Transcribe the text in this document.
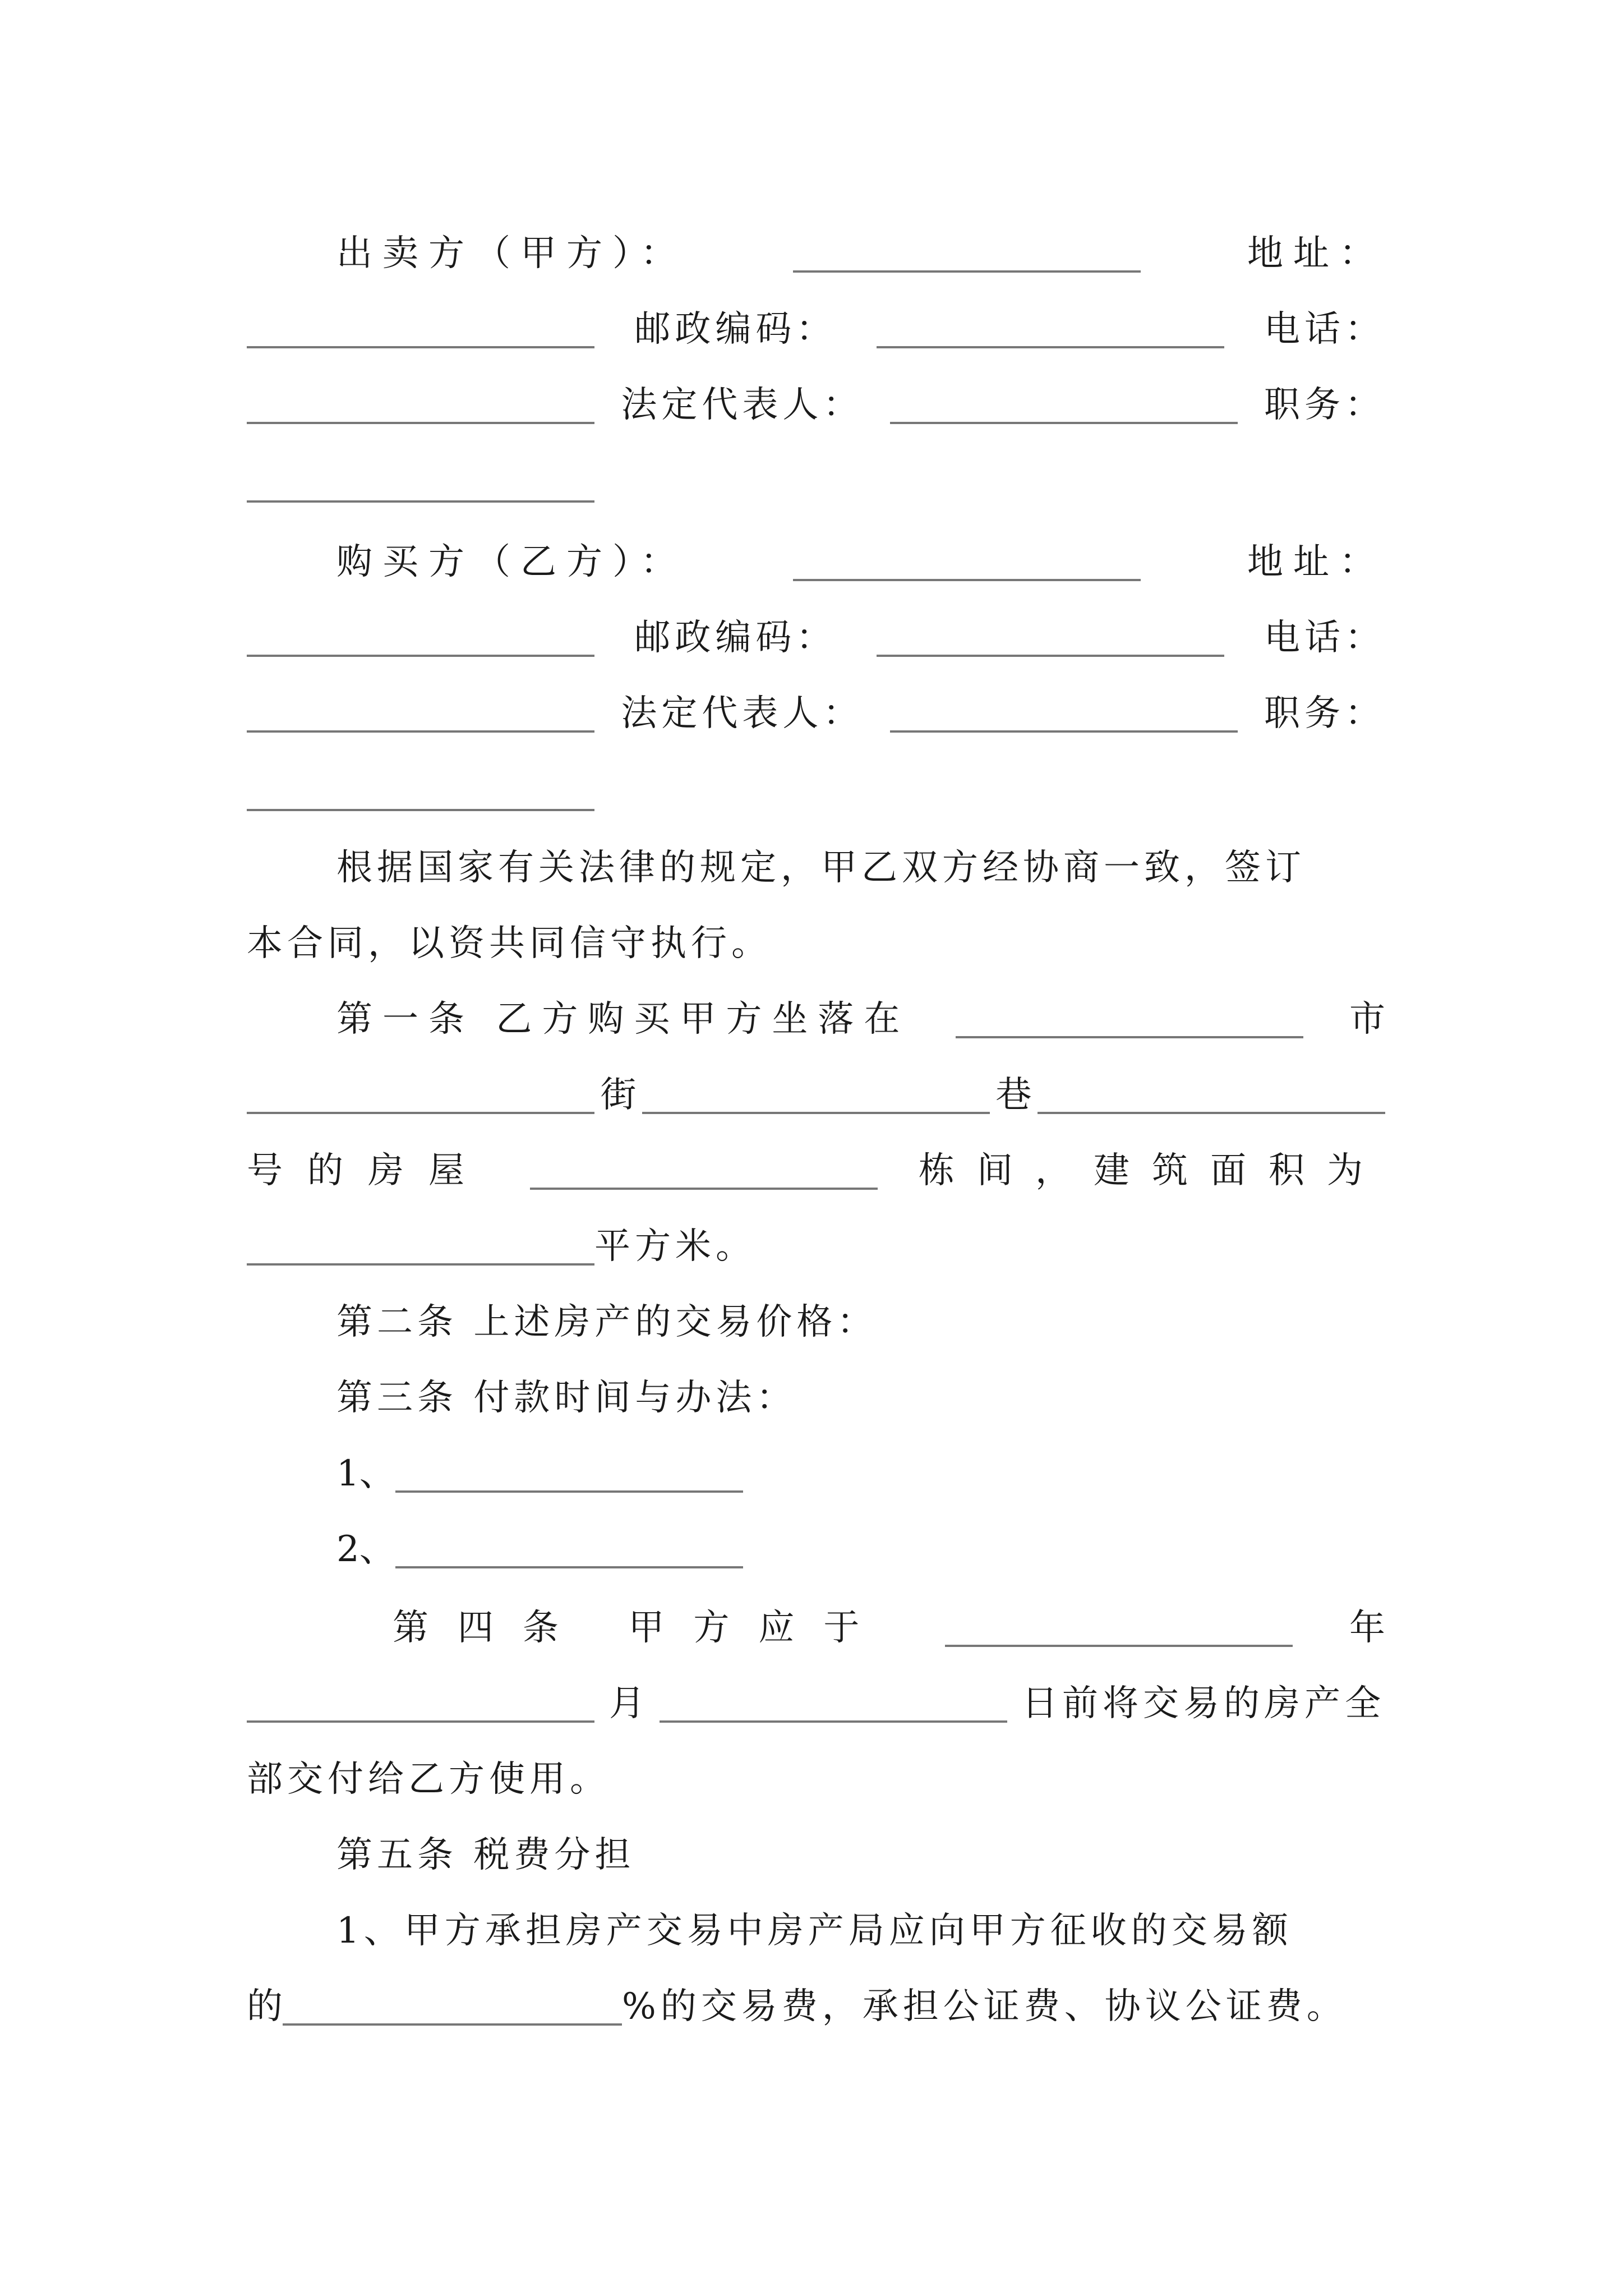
出卖方（甲方）：	地址：
邮政编码：	电话：
法定代表人：	职务：
购买方（乙方）：	地址：
邮政编码：	电话：
法定代表人：	职务：
根据国家有关法律的规定，甲乙双方经协商一致，签订
本合同，以资共同信守执行。
第一条 乙方购买甲方坐落在	市
街	巷
号的房屋	栋间，建筑面积为
平方米。
第二条 上述房产的交易价格：
第三条 付款时间与办法：
1、
2、
第四条 甲方应于	年
月	日前将交易的房产全
部交付给乙方使用。
第五条 税费分担
1、甲方承担房产交易中房产局应向甲方征收的交易额
的	%的交易费，承担公证费、协议公证费。
